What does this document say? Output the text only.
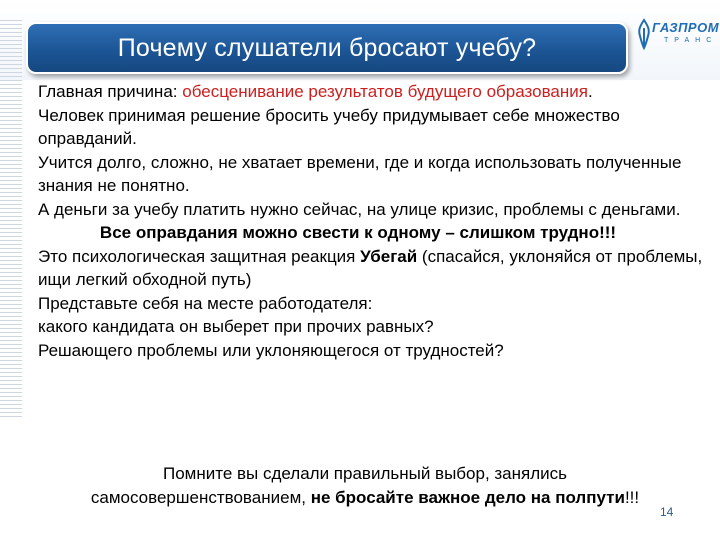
Почему слушатели бросают учебу?
ГАЗПРОМ
ТРАНС

Главная причина: обесценивание результатов будущего образования.

Человек принимая решение бросить учебу придумывает себе множество оправданий.

Учится долго, сложно, не хватает времени, где и когда использовать полученные знания не понятно.

А деньги за учебу платить нужно сейчас, на улице кризис, проблемы с деньгами.

Все оправдания можно свести к одному – слишком трудно!!!

Это психологическая защитная реакция Убегай (спасайся, уклоняйся от проблемы, ищи легкий обходной путь)

Представьте себя на месте работодателя:

какого кандидата он выберет при прочих равных?

Решающего проблемы или уклоняющегося от трудностей?

Помните вы сделали правильный выбор, занялись
самосовершенствованием, не бросайте важное дело на полпути!!!
14
